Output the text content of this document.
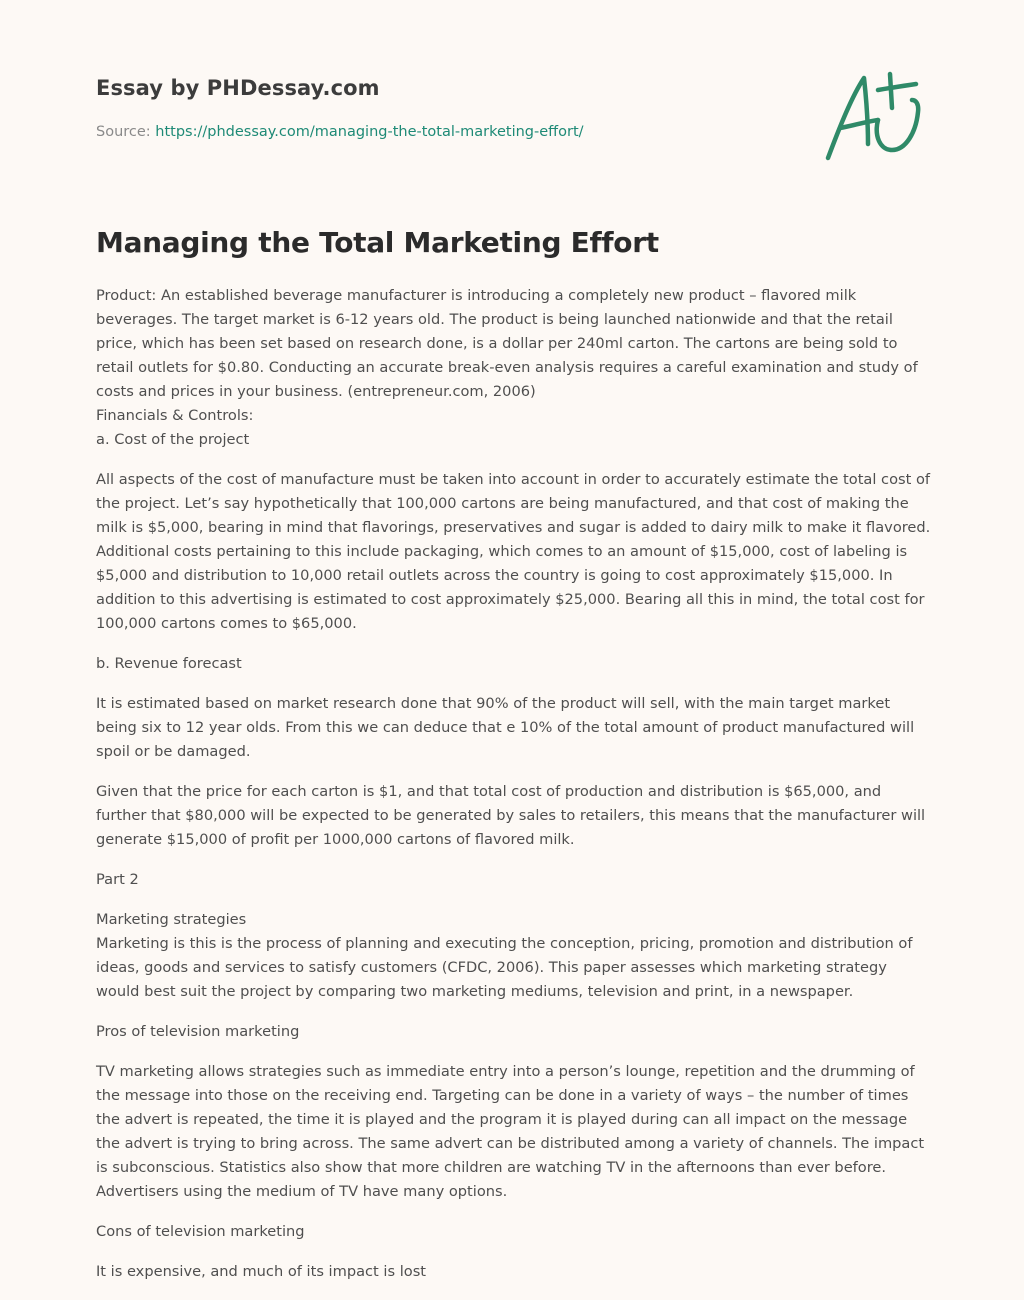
Essay by PHDessay.com
Source: https://phdessay.com/managing-the-total-marketing-effort/
Managing the Total Marketing Effort

Product: An established beverage manufacturer is introducing a completely new product – flavored milk beverages. The target market is 6-12 years old. The product is being launched nationwide and that the retail price, which has been set based on research done, is a dollar per 240ml carton. The cartons are being sold to retail outlets for $0.80. Conducting an accurate break-even analysis requires a careful examination and study of costs and prices in your business. (entrepreneur.com, 2006)
Financials & Controls:
a. Cost of the project

All aspects of the cost of manufacture must be taken into account in order to accurately estimate the total cost of the project. Let’s say hypothetically that 100,000 cartons are being manufactured, and that cost of making the milk is $5,000, bearing in mind that flavorings, preservatives and sugar is added to dairy milk to make it flavored. Additional costs pertaining to this include packaging, which comes to an amount of $15,000, cost of labeling is $5,000 and distribution to 10,000 retail outlets across the country is going to cost approximately $15,000. In addition to this advertising is estimated to cost approximately $25,000. Bearing all this in mind, the total cost for 100,000 cartons comes to $65,000.

b. Revenue forecast

It is estimated based on market research done that 90% of the product will sell, with the main target market being six to 12 year olds. From this we can deduce that e 10% of the total amount of product manufactured will spoil or be damaged.

Given that the price for each carton is $1, and that total cost of production and distribution is $65,000, and further that $80,000 will be expected to be generated by sales to retailers, this means that the manufacturer will generate $15,000 of profit per 1000,000 cartons of flavored milk.

Part 2

Marketing strategies
Marketing is this is the process of planning and executing the conception, pricing, promotion and distribution of ideas, goods and services to satisfy customers (CFDC, 2006). This paper assesses which marketing strategy would best suit the project by comparing two marketing mediums, television and print, in a newspaper.

Pros of television marketing

TV marketing allows strategies such as immediate entry into a person’s lounge, repetition and the drumming of the message into those on the receiving end. Targeting can be done in a variety of ways – the number of times the advert is repeated, the time it is played and the program it is played during can all impact on the message the advert is trying to bring across. The same advert can be distributed among a variety of channels. The impact is subconscious. Statistics also show that more children are watching TV in the afternoons than ever before. Advertisers using the medium of TV have many options.

Cons of television marketing

It is expensive, and much of its impact is lost
